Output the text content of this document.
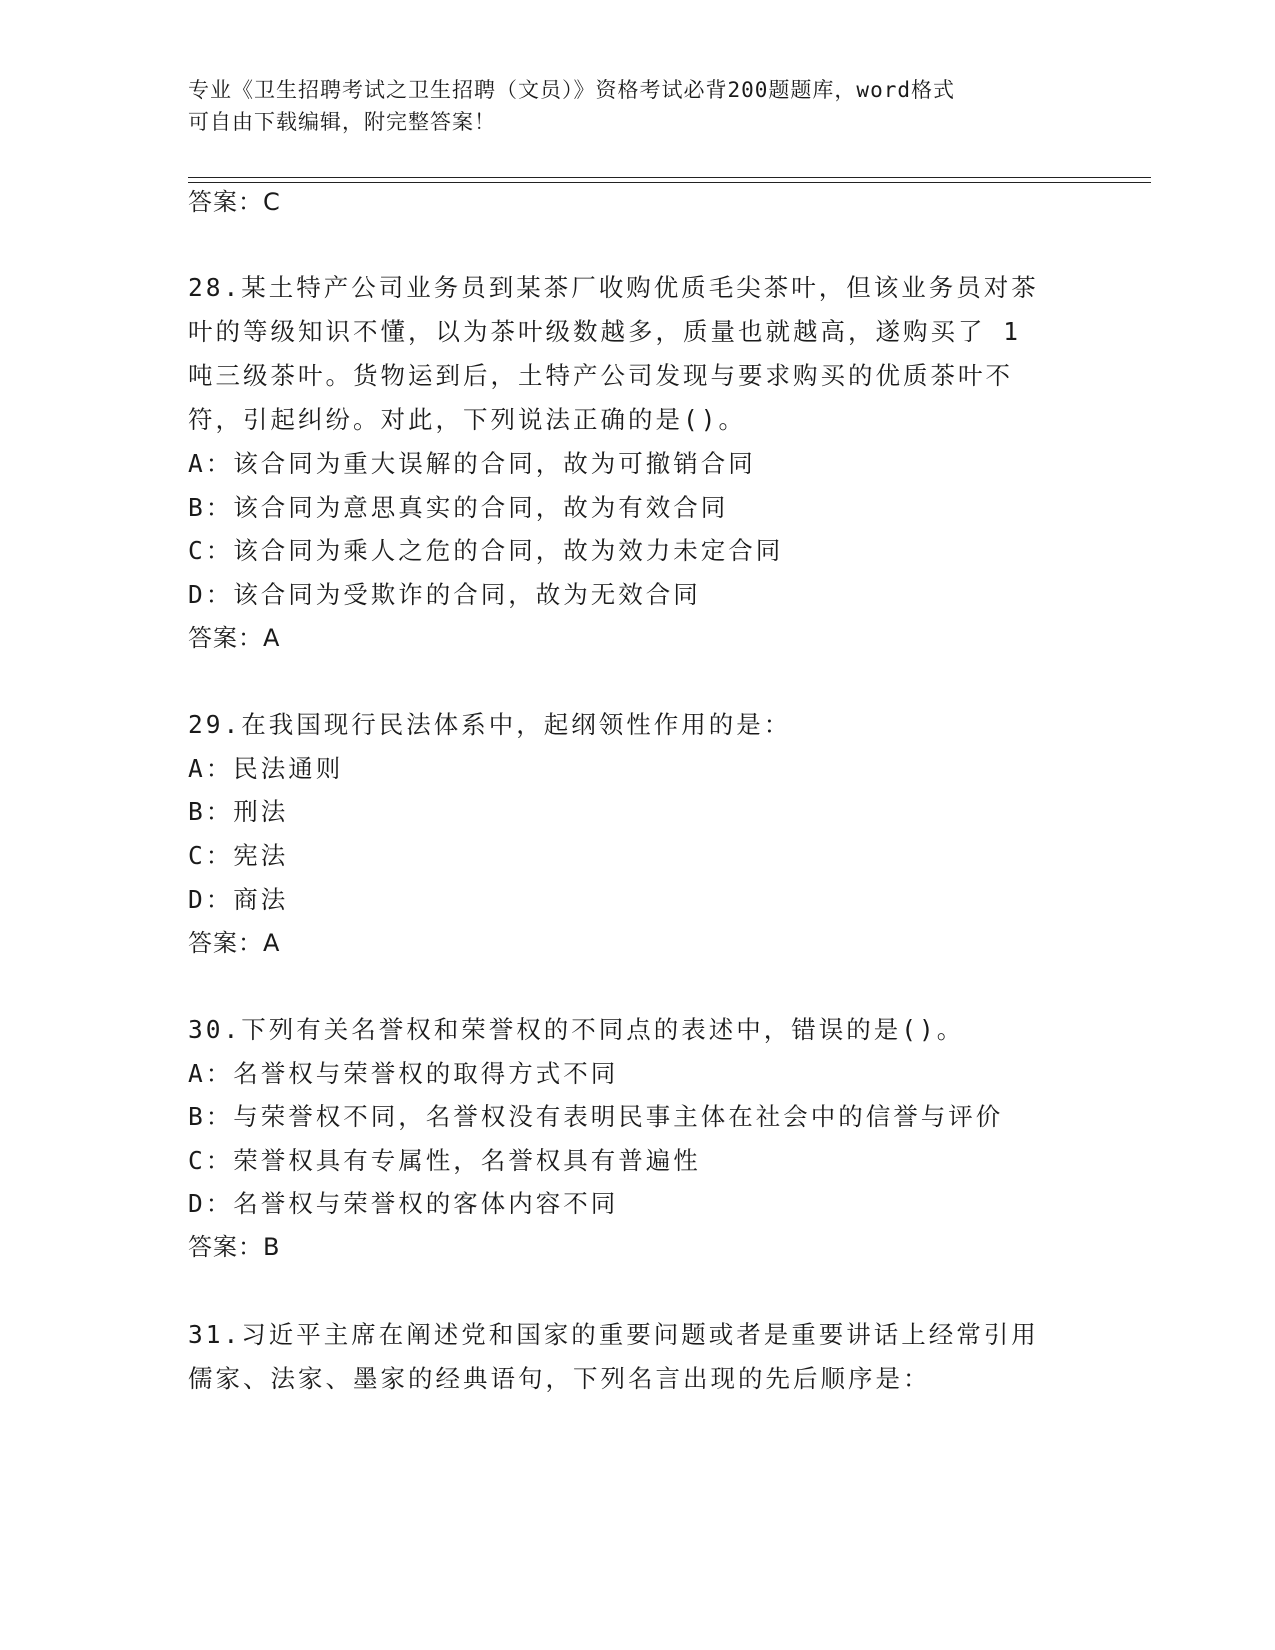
专业《卫生招聘考试之卫生招聘（文员）》资格考试必背200题题库，word格式
可自由下载编辑，附完整答案！
答案：C
28.某土特产公司业务员到某茶厂收购优质毛尖茶叶，但该业务员对茶
叶的等级知识不懂，以为茶叶级数越多，质量也就越高，遂购买了 1
吨三级茶叶。货物运到后，土特产公司发现与要求购买的优质茶叶不
符，引起纠纷。对此，下列说法正确的是()。
A：该合同为重大误解的合同，故为可撤销合同
B：该合同为意思真实的合同，故为有效合同
C：该合同为乘人之危的合同，故为效力未定合同
D：该合同为受欺诈的合同，故为无效合同
答案：A
29.在我国现行民法体系中，起纲领性作用的是：
A：民法通则
B：刑法
C：宪法
D：商法
答案：A
30.下列有关名誉权和荣誉权的不同点的表述中，错误的是()。
A：名誉权与荣誉权的取得方式不同
B：与荣誉权不同，名誉权没有表明民事主体在社会中的信誉与评价
C：荣誉权具有专属性，名誉权具有普遍性
D：名誉权与荣誉权的客体内容不同
答案：B
31.习近平主席在阐述党和国家的重要问题或者是重要讲话上经常引用
儒家、法家、墨家的经典语句，下列名言出现的先后顺序是：
